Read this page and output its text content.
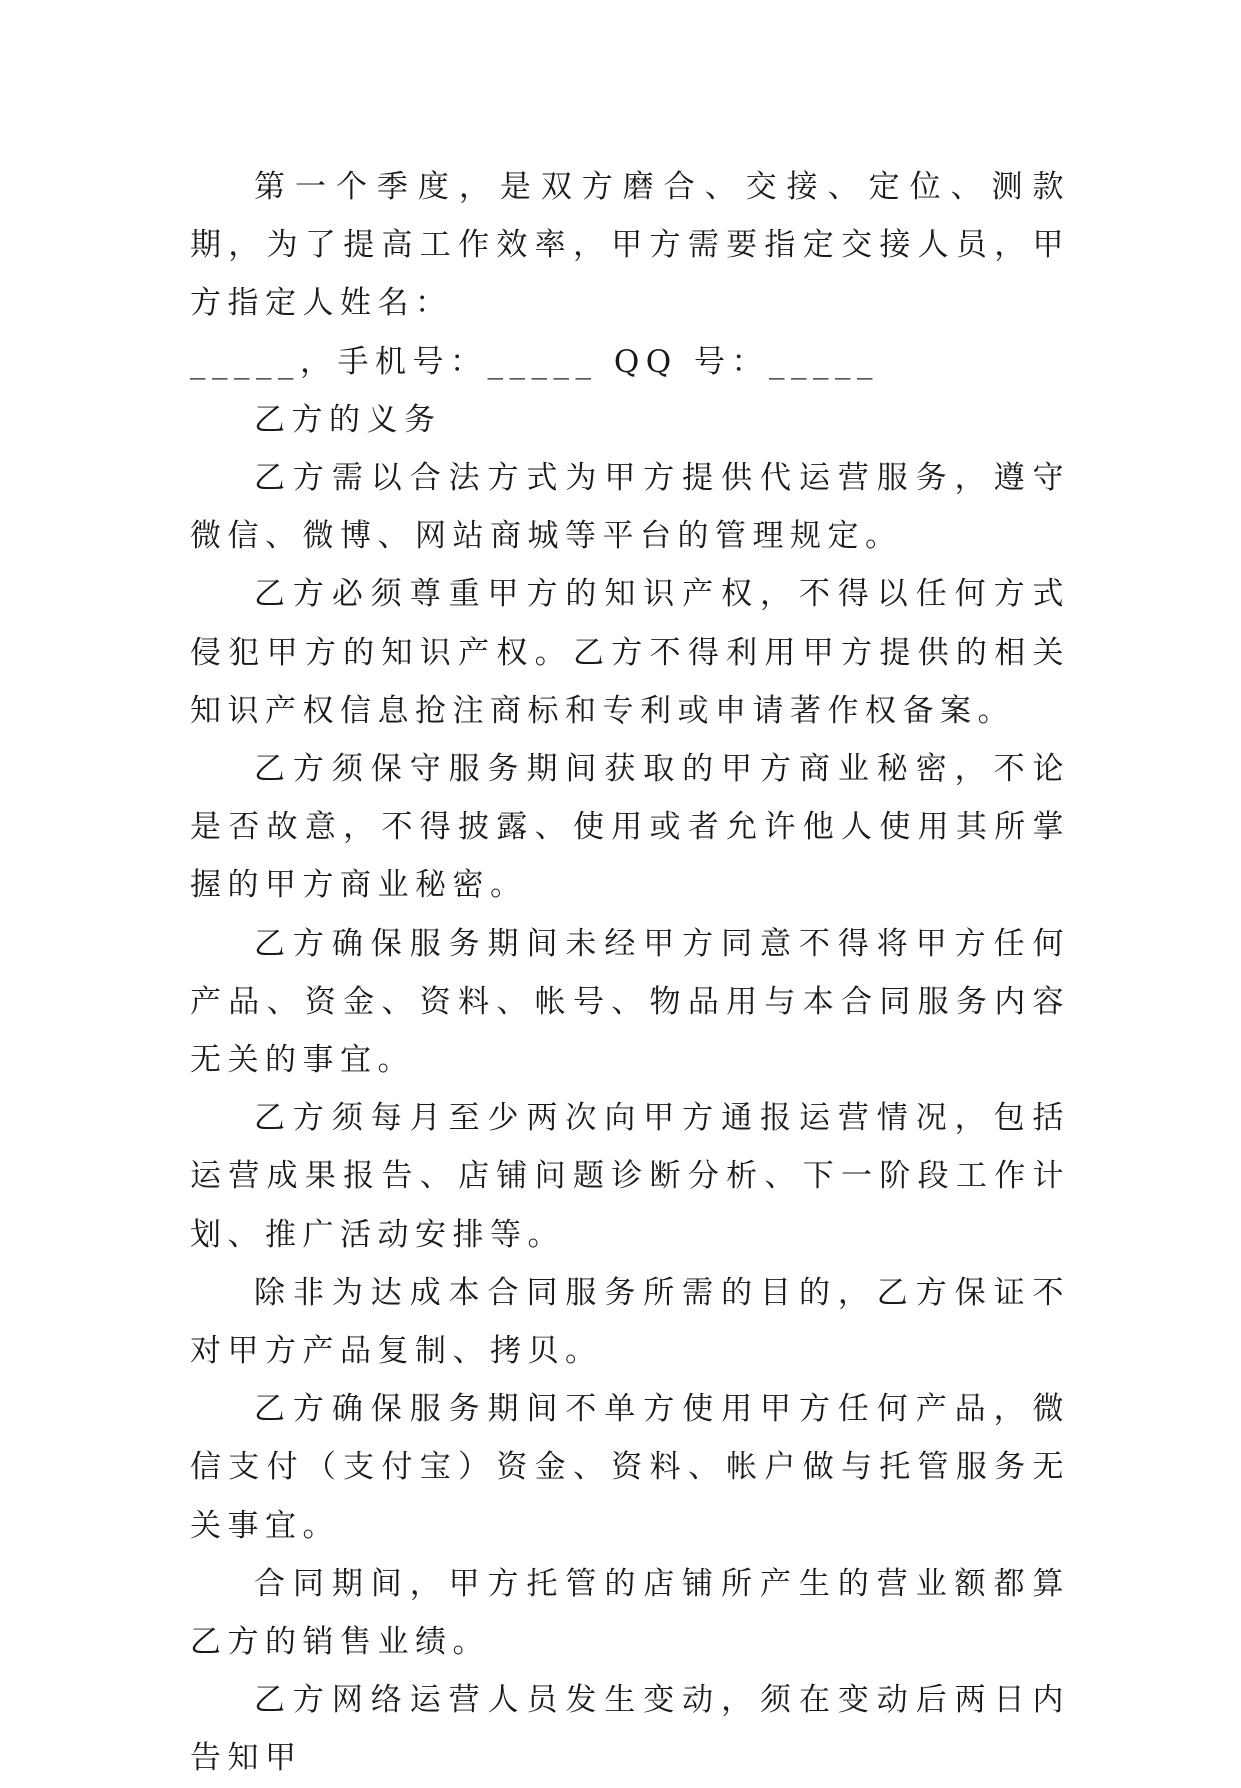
第一个季度，是双方磨合、交接、定位、测款期，为了提高工作效率，甲方需要指定交接人员，甲方指定人姓名：
_____，手机号：_____ QQ 号：_____

乙方的义务

乙方需以合法方式为甲方提供代运营服务，遵守微信、微博、网站商城等平台的管理规定。

乙方必须尊重甲方的知识产权，不得以任何方式侵犯甲方的知识产权。乙方不得利用甲方提供的相关知识产权信息抢注商标和专利或申请著作权备案。

乙方须保守服务期间获取的甲方商业秘密，不论是否故意，不得披露、使用或者允许他人使用其所掌握的甲方商业秘密。

乙方确保服务期间未经甲方同意不得将甲方任何产品、资金、资料、帐号、物品用与本合同服务内容无关的事宜。

乙方须每月至少两次向甲方通报运营情况，包括运营成果报告、店铺问题诊断分析、下一阶段工作计划、推广活动安排等。

除非为达成本合同服务所需的目的，乙方保证不对甲方产品复制、拷贝。

乙方确保服务期间不单方使用甲方任何产品，微信支付（支付宝）资金、资料、帐户做与托管服务无关事宜。

合同期间，甲方托管的店铺所产生的营业额都算乙方的销售业绩。

乙方网络运营人员发生变动，须在变动后两日内告知甲
